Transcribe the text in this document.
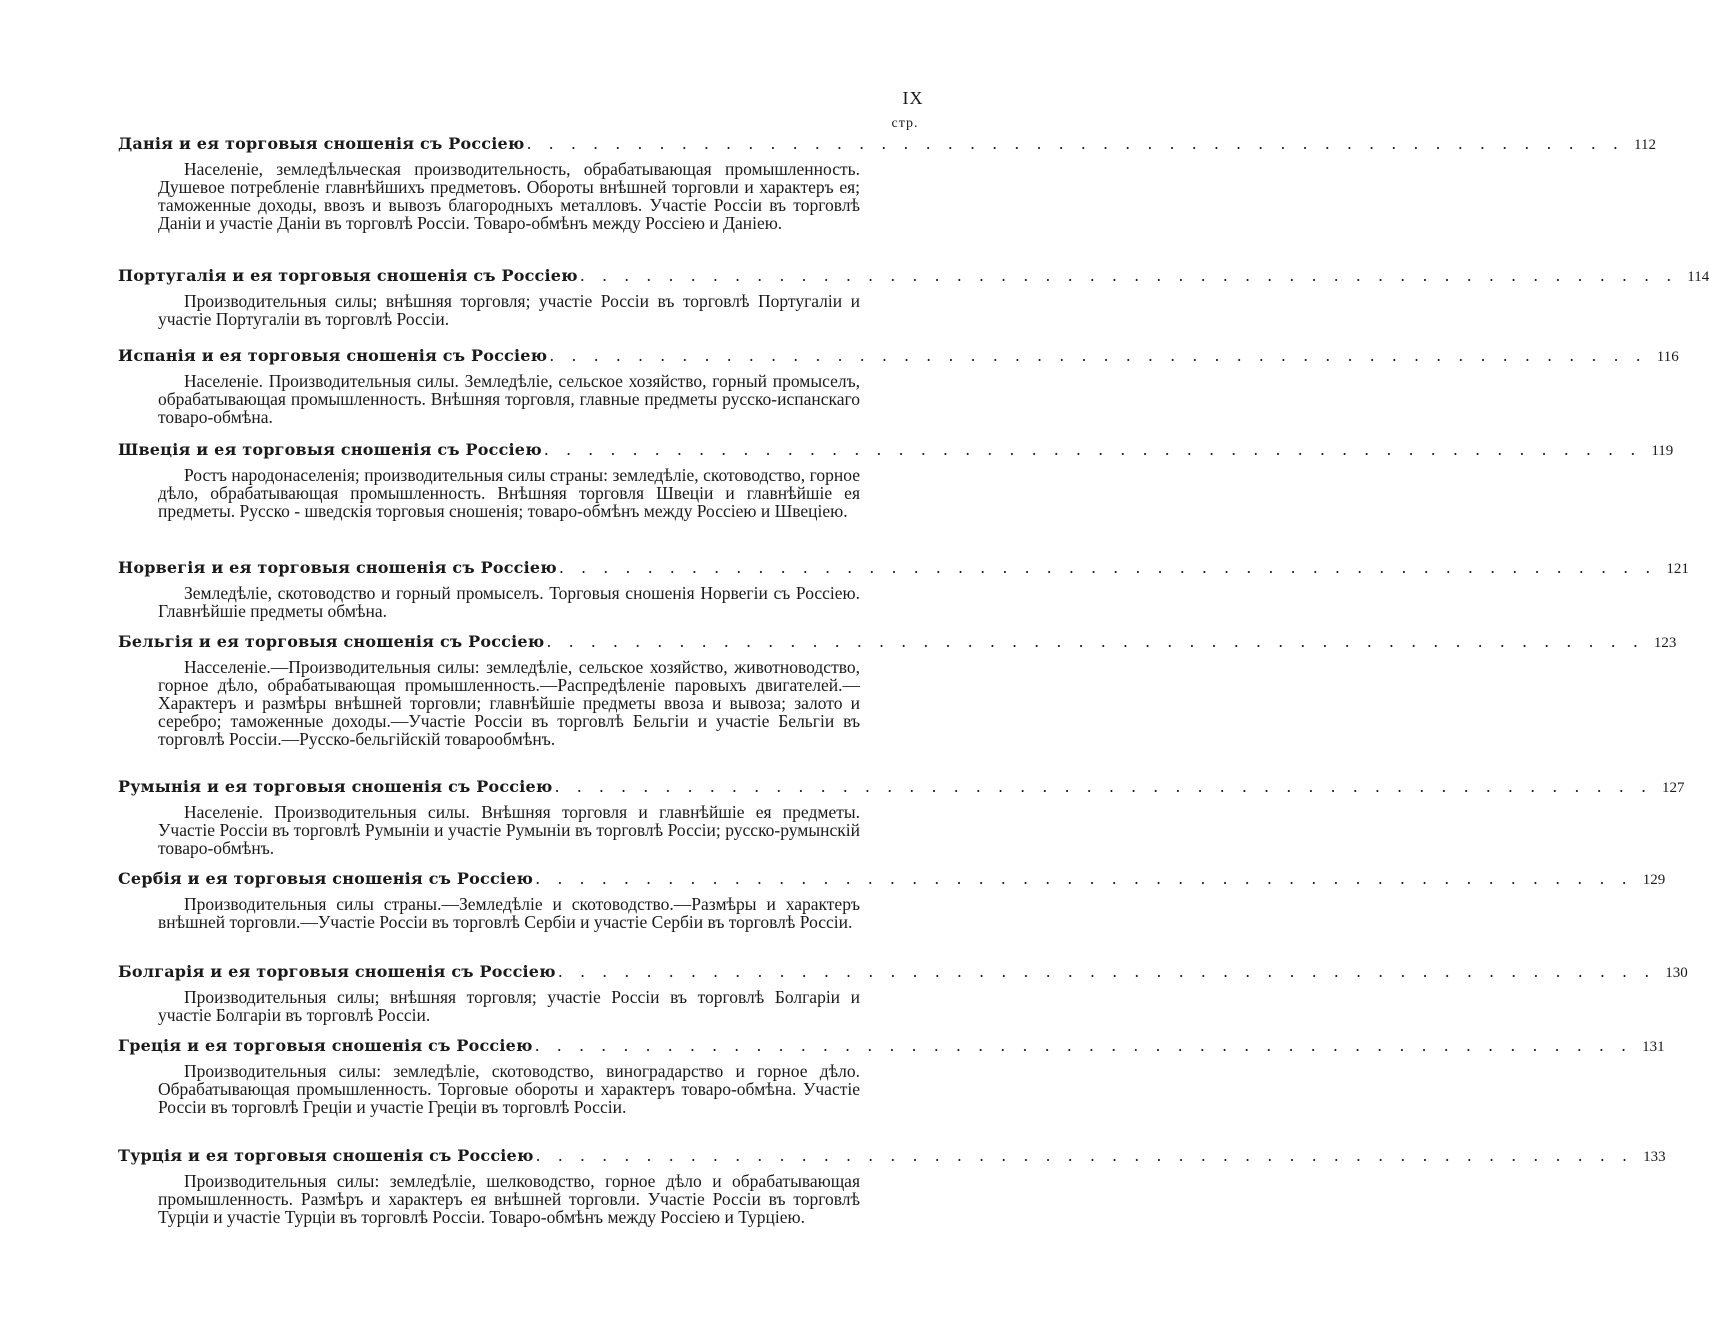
IX
стр.
Данія и ея торговыя сношенія съ Россіею . . . . . . . . . . . . . . . . . . . . . . . . . . . . . . . . . . . . . . . . . . . . . . . . . . 112
Населеніе, земледѣльческая производительность, обрабатывающая промышленность. Душевое потребленіе главнѣйшихъ предметовъ. Обороты внѣшней торговли и характеръ ея; таможенные доходы, ввозъ и вывозъ благородныхъ металловъ. Участіе Россіи въ торговлѣ Даніи и участіе Даніи въ торговлѣ Россіи. Товаро-обмѣнъ между Россіею и Даніею.
Португалія и ея торговыя сношенія съ Россіею . . . . . . . . . . . . . . . . . . . . . . . . . . . . . . . . . . . . . . . . . . . . . . . . . . 114
Производительныя силы; внѣшняя торговля; участіе Россіи въ торговлѣ Португаліи и участіе Португаліи въ торговлѣ Россіи.
Испанія и ея торговыя сношенія съ Россіею . . . . . . . . . . . . . . . . . . . . . . . . . . . . . . . . . . . . . . . . . . . . . . . . . . 116
Населеніе. Производительныя силы. Земледѣліе, сельское хозяйство, горный промыселъ, обрабатывающая промышленность. Внѣшняя торговля, главные предметы русско-испанскаго товаро-обмѣна.
Швеція и ея торговыя сношенія съ Россіею . . . . . . . . . . . . . . . . . . . . . . . . . . . . . . . . . . . . . . . . . . . . . . . . . . 119
Ростъ народонаселенія; производительныя силы страны: земледѣліе, скотоводство, горное дѣло, обрабатывающая промышленность. Внѣшняя торговля Швеціи и главнѣйшіе ея предметы. Русско - шведскія торговыя сношенія; товаро-обмѣнъ между Россіею и Швеціею.
Норвегія и ея торговыя сношенія съ Россіею . . . . . . . . . . . . . . . . . . . . . . . . . . . . . . . . . . . . . . . . . . . . . . . . . . 121
Земледѣліе, скотоводство и горный промыселъ. Торговыя сношенія Норвегіи съ Россіею. Главнѣйшіе предметы обмѣна.
Бельгія и ея торговыя сношенія съ Россіею . . . . . . . . . . . . . . . . . . . . . . . . . . . . . . . . . . . . . . . . . . . . . . . . . . 123
Насселеніе.—Производительныя силы: земледѣліе, сельское хозяйство, животноводство, горное дѣло, обрабатывающая промышленность.—Распредѣленіе паровыхъ двигателей.—Характеръ и размѣры внѣшней торговли; главнѣйшіе предметы ввоза и вывоза; залото и серебро; таможенные доходы.—Участіе Россіи въ торговлѣ Бельгіи и участіе Бельгіи въ торговлѣ Россіи.—Русско-бельгійскій товарообмѣнъ.
Румынія и ея торговыя сношенія съ Россіею . . . . . . . . . . . . . . . . . . . . . . . . . . . . . . . . . . . . . . . . . . . . . . . . . . 127
Населеніе. Производительныя силы. Внѣшняя торговля и главнѣйшіе ея предметы. Участіе Россіи въ торговлѣ Румыніи и участіе Румыніи въ торговлѣ Россіи; русско-румынскій товаро-обмѣнъ.
Сербія и ея торговыя сношенія съ Россіею . . . . . . . . . . . . . . . . . . . . . . . . . . . . . . . . . . . . . . . . . . . . . . . . . . 129
Производительныя силы страны.—Земледѣліе и скотоводство.—Размѣры и характеръ внѣшней торговли.—Участіе Россіи въ торговлѣ Сербіи и участіе Сербіи въ торговлѣ Россіи.
Болгарія и ея торговыя сношенія съ Россіею . . . . . . . . . . . . . . . . . . . . . . . . . . . . . . . . . . . . . . . . . . . . . . . . . . 130
Производительныя силы; внѣшняя торговля; участіе Россіи въ торговлѣ Болгаріи и участіе Болгаріи въ торговлѣ Россіи.
Греція и ея торговыя сношенія съ Россіею . . . . . . . . . . . . . . . . . . . . . . . . . . . . . . . . . . . . . . . . . . . . . . . . . . 131
Производительныя силы: земледѣліе, скотоводство, виноградарство и горное дѣло. Обрабатывающая промышленность. Торговые обороты и характеръ товаро-обмѣна. Участіе Россіи въ торговлѣ Греціи и участіе Греціи въ торговлѣ Россіи.
Турція и ея торговыя сношенія съ Россіею . . . . . . . . . . . . . . . . . . . . . . . . . . . . . . . . . . . . . . . . . . . . . . . . . . 133
Производительныя силы: земледѣліе, шелководство, горное дѣло и обрабатывающая промышленность. Размѣръ и характеръ ея внѣшней торговли. Участіе Россіи въ торговлѣ Турціи и участіе Турціи въ торговлѣ Россіи. Товаро-обмѣнъ между Россіею и Турціею.
